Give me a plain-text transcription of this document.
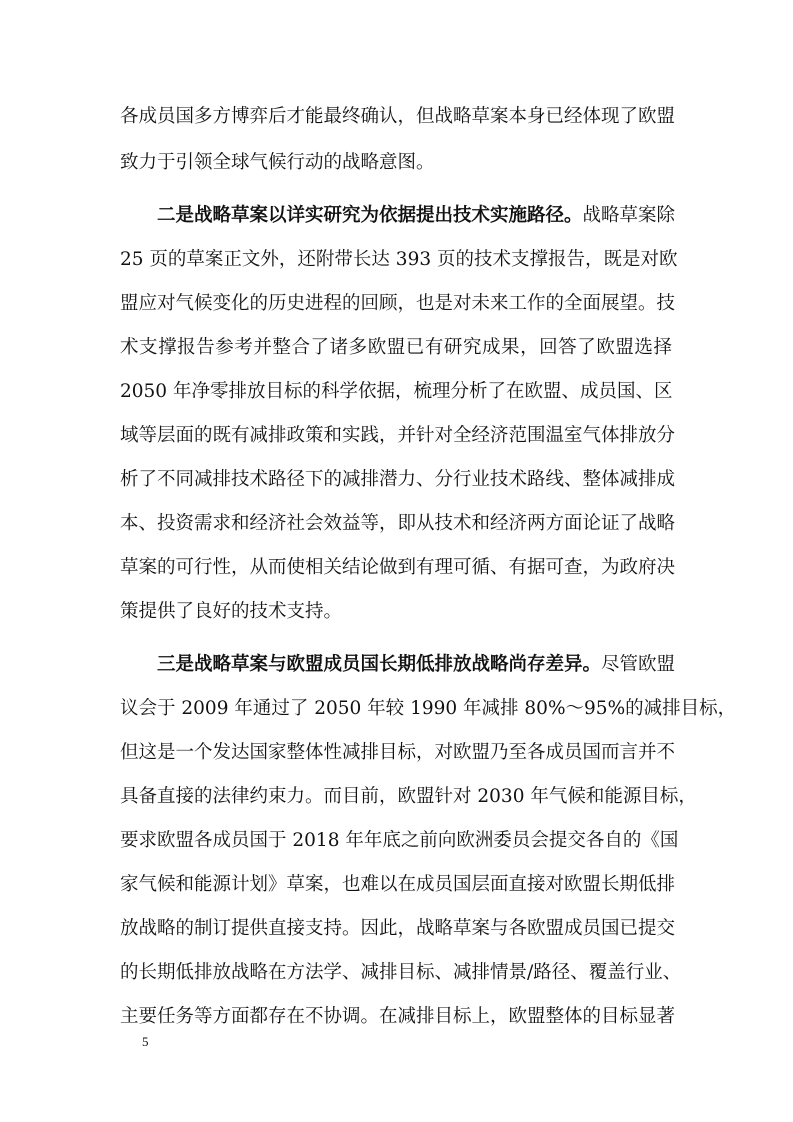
各成员国多方博弈后才能最终确认，但战略草案本身已经体现了欧盟
致力于引领全球气候行动的战略意图。
二是战略草案以详实研究为依据提出技术实施路径。战略草案除
25 页的草案正文外，还附带长达 393 页的技术支撑报告，既是对欧
盟应对气候变化的历史进程的回顾，也是对未来工作的全面展望。技
术支撑报告参考并整合了诸多欧盟已有研究成果，回答了欧盟选择
2050 年净零排放目标的科学依据，梳理分析了在欧盟、成员国、区
域等层面的既有减排政策和实践，并针对全经济范围温室气体排放分
析了不同减排技术路径下的减排潜力、分行业技术路线、整体减排成
本、投资需求和经济社会效益等，即从技术和经济两方面论证了战略
草案的可行性，从而使相关结论做到有理可循、有据可查，为政府决
策提供了良好的技术支持。
三是战略草案与欧盟成员国长期低排放战略尚存差异。尽管欧盟
议会于 2009 年通过了 2050 年较 1990 年减排 80%～95%的减排目标，
但这是一个发达国家整体性减排目标，对欧盟乃至各成员国而言并不
具备直接的法律约束力。而目前，欧盟针对 2030 年气候和能源目标，
要求欧盟各成员国于 2018 年年底之前向欧洲委员会提交各自的《国
家气候和能源计划》草案，也难以在成员国层面直接对欧盟长期低排
放战略的制订提供直接支持。因此，战略草案与各欧盟成员国已提交
的长期低排放战略在方法学、减排目标、减排情景/路径、覆盖行业、
主要任务等方面都存在不协调。在减排目标上，欧盟整体的目标显著
5
